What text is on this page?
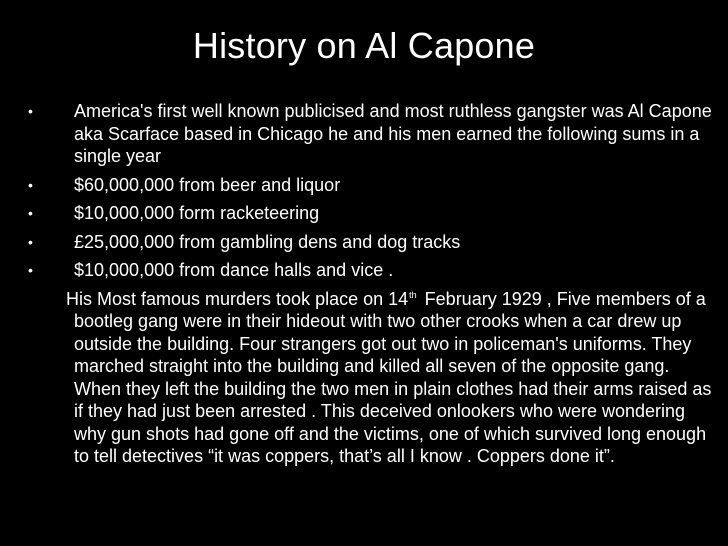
History on Al Capone
•	America's first well known publicised and most ruthless gangster was Al Capone aka Scarface based in Chicago he and his men earned the following sums in a single year
•	$60,000,000 from beer and liquor
•	$10,000,000 form racketeering
•	£25,000,000 from gambling dens and dog tracks
•	$10,000,000 from dance halls and vice .
His Most famous murders took place on 14th February 1929 , Five members of a bootleg gang were in their hideout with two other crooks when a car drew up outside the building. Four strangers got out two in policeman's uniforms. They marched straight into the building and killed all seven of the opposite gang. When they left the building the two men in plain clothes had their arms raised as if they had just been arrested . This deceived onlookers who were wondering why gun shots had gone off and the victims, one of which survived long enough to tell detectives “it was coppers, that’s all I know . Coppers done it”.
